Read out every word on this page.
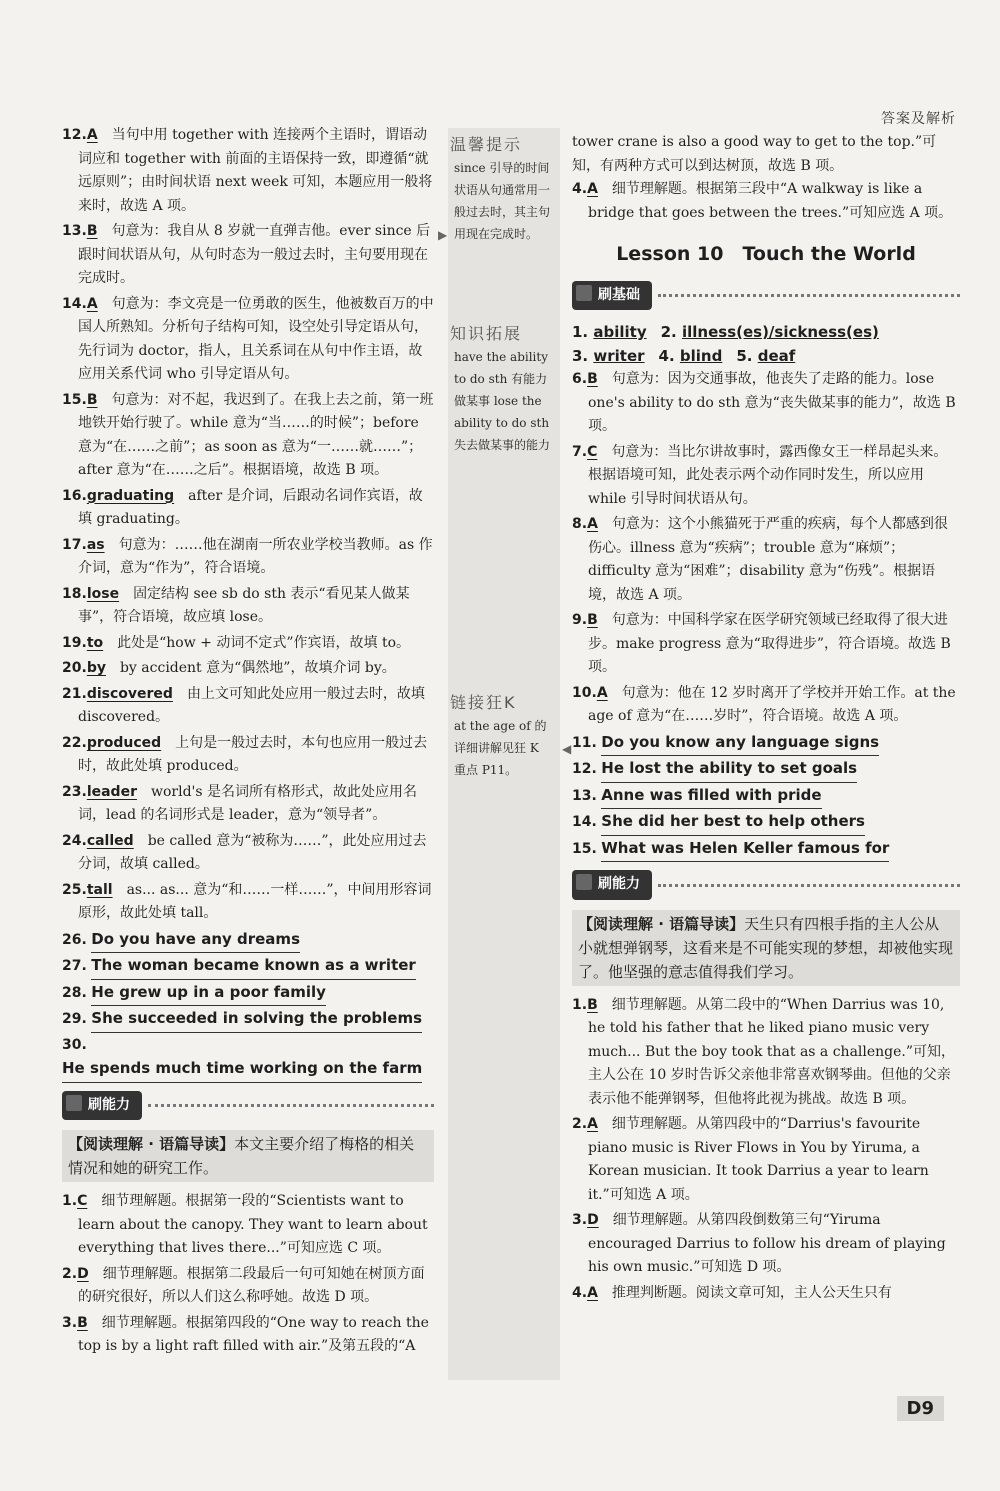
答案及解析
12.A　 当句中用 together with 连接两个主语时，谓语动词应和 together with 前面的主语保持一致，即遵循“就远原则”；由时间状语 next week 可知，本题应用一般将来时，故选 A 项。
13.B　 句意为：我自从 8 岁就一直弹吉他。ever since 后跟时间状语从句，从句时态为一般过去时，主句要用现在完成时。
14.A　 句意为：李文亮是一位勇敢的医生，他被数百万的中国人所熟知。分析句子结构可知，设空处引导定语从句，先行词为 doctor，指人，且关系词在从句中作主语，故应用关系代词 who 引导定语从句。
15.B　 句意为：对不起，我迟到了。在我上去之前，第一班地铁开始行驶了。while 意为“当……的时候”；before 意为“在……之前”；as soon as 意为“一……就……”；after 意为“在……之后”。根据语境，故选 B 项。
16.graduating　 after 是介词，后跟动名词作宾语，故填 graduating。
17.as　 句意为：……他在湖南一所农业学校当教师。as 作介词，意为“作为”，符合语境。
18.lose　 固定结构 see sb do sth 表示“看见某人做某事”，符合语境，故应填 lose。
19.to　 此处是“how + 动词不定式”作宾语，故填 to。
20.by　 by accident 意为“偶然地”，故填介词 by。
21.discovered　 由上文可知此处应用一般过去时，故填 discovered。
22.produced　 上句是一般过去时，本句也应用一般过去时，故此处填 produced。
23.leader　 world's 是名词所有格形式，故此处应用名词，lead 的名词形式是 leader，意为“领导者”。
24.called　 be called 意为“被称为……”，此处应用过去分词，故填 called。
25.tall　 as... as... 意为“和……一样……”，中间用形容词原形，故此处填 tall。
26. Do you have any dreams
27. The woman became known as a writer
28. He grew up in a poor family
29. She succeeded in solving the problems
30. He spends much time working on the farm
刷能力
【阅读理解 · 语篇导读】本文主要介绍了梅格的相关情况和她的研究工作。
1.C　 细节理解题。根据第一段的“Scientists want to learn about the canopy. They want to learn about everything that lives there...”可知应选 C 项。
2.D　 细节理解题。根据第二段最后一句可知她在树顶方面的研究很好，所以人们这么称呼她。故选 D 项。
3.B　 细节理解题。根据第四段的“One way to reach the top is by a light raft filled with air.”及第五段的“A
温馨提示
since 引导的时间状语从句通常用一般过去时，其主句用现在完成时。
知识拓展
have the ability to do sth 有能力做某事 lose the ability to do sth 失去做某事的能力
链接狂K
at the age of 的详细讲解见狂 K 重点 P11。
▶
◀
tower crane is also a good way to get to the top.”可知，有两种方式可以到达树顶，故选 B 项。
4.A　 细节理解题。根据第三段中“A walkway is like a bridge that goes between the trees.”可知应选 A 项。
Lesson 10　Touch the World
刷基础
1. ability 2. illness(es)/sickness(es)
3. writer 4. blind 5. deaf
6.B　 句意为：因为交通事故，他丧失了走路的能力。lose one's ability to do sth 意为“丧失做某事的能力”，故选 B 项。
7.C　 句意为：当比尔讲故事时，露西像女王一样昂起头来。根据语境可知，此处表示两个动作同时发生，所以应用 while 引导时间状语从句。
8.A　 句意为：这个小熊猫死于严重的疾病，每个人都感到很伤心。illness 意为“疾病”；trouble 意为“麻烦”；difficulty 意为“困难”；disability 意为“伤残”。根据语境，故选 A 项。
9.B　 句意为：中国科学家在医学研究领域已经取得了很大进步。make progress 意为“取得进步”，符合语境。故选 B 项。
10.A　 句意为：他在 12 岁时离开了学校并开始工作。at the age of 意为“在……岁时”，符合语境。故选 A 项。
11. Do you know any language signs
12. He lost the ability to set goals
13. Anne was filled with pride
14. She did her best to help others
15. What was Helen Keller famous for
刷能力
【阅读理解 · 语篇导读】天生只有四根手指的主人公从小就想弹钢琴，这看来是不可能实现的梦想，却被他实现了。他坚强的意志值得我们学习。
1.B　 细节理解题。从第二段中的“When Darrius was 10, he told his father that he liked piano music very much... But the boy took that as a challenge.”可知，主人公在 10 岁时告诉父亲他非常喜欢钢琴曲。但他的父亲表示他不能弹钢琴，但他将此视为挑战。故选 B 项。
2.A　 细节理解题。从第四段中的“Darrius's favourite piano music is River Flows in You by Yiruma, a Korean musician. It took Darrius a year to learn it.”可知选 A 项。
3.D　 细节理解题。从第四段倒数第三句“Yiruma encouraged Darrius to follow his dream of playing his own music.”可知选 D 项。
4.A　 推理判断题。阅读文章可知，主人公天生只有
D9
